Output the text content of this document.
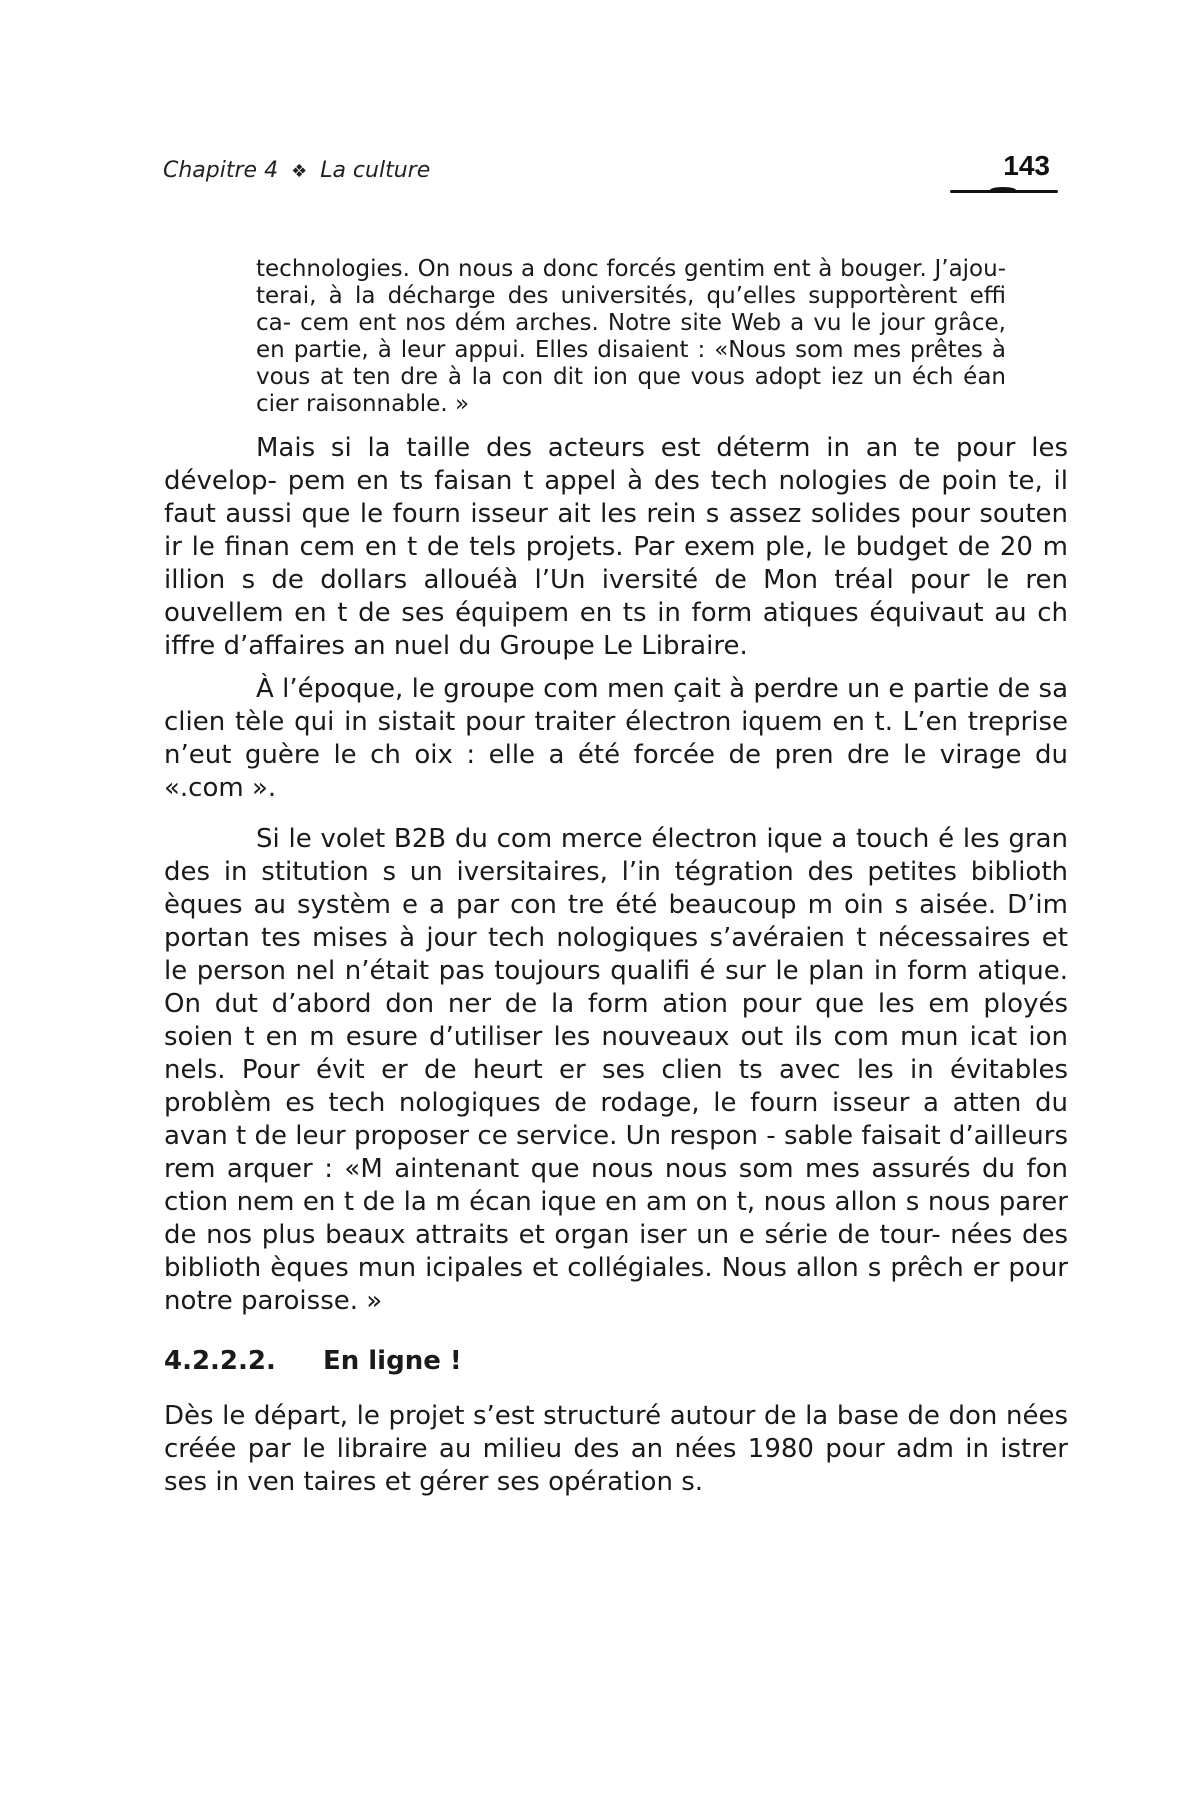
Chapitre 4 ❖ La culture	143

technologies. On nous a donc forcés gentim ent à bouger. J’ajou- terai, à la décharge des universités, qu’elles supportèrent effi ca- cem ent nos dém arches. Notre site Web a vu le jour grâce, en partie, à leur appui. Elles disaient : «Nous som mes prêtes à vous at ten dre à la con dit ion que vous adopt iez un éch éan cier raisonnable. »

Mais si la taille des acteurs est déterm in an te pour les dévelop- pem en ts faisan t appel à des tech nologies de poin te, il faut aussi que le fourn isseur ait les rein s assez solides pour souten ir le finan cem en t de tels projets. Par exem ple, le budget de 20 m illion s de dollars allouéà l’Un iversité de Mon tréal pour le ren ouvellem en t de ses équipem en ts in form atiques équivaut au ch iffre d’affaires an nuel du Groupe Le Libraire.

À l’époque, le groupe com men çait à perdre un e partie de sa clien tèle qui in sistait pour traiter électron iquem en t. L’en treprise n’eut guère le ch oix : elle a été forcée de pren dre le virage du «.com ».

Si le volet B2B du com merce électron ique a touch é les gran des in stitution s un iversitaires, l’in tégration des petites biblioth èques au systèm e a par con tre été beaucoup m oin s aisée. D’im portan tes mises à jour tech nologiques s’avéraien t nécessaires et le person nel n’était pas toujours qualifi é sur le plan in form atique. On dut d’abord don ner de la form ation pour que les em ployés soien t en m esure d’utiliser les nouveaux out ils com mun icat ion nels. Pour évit er de heurt er ses clien ts avec les in évitables problèm es tech nologiques de rodage, le fourn isseur a atten du avan t de leur proposer ce service. Un respon - sable faisait d’ailleurs rem arquer : «M aintenant que nous nous som mes assurés du fon ction nem en t de la m écan ique en am on t, nous allon s nous parer de nos plus beaux attraits et organ iser un e série de tour- nées des biblioth èques mun icipales et collégiales. Nous allon s prêch er pour notre paroisse. »

4.2.2.2. En ligne !

Dès le départ, le projet s’est structuré autour de la base de don nées créée par le libraire au milieu des an nées 1980 pour adm in istrer ses in ven taires et gérer ses opération s.
